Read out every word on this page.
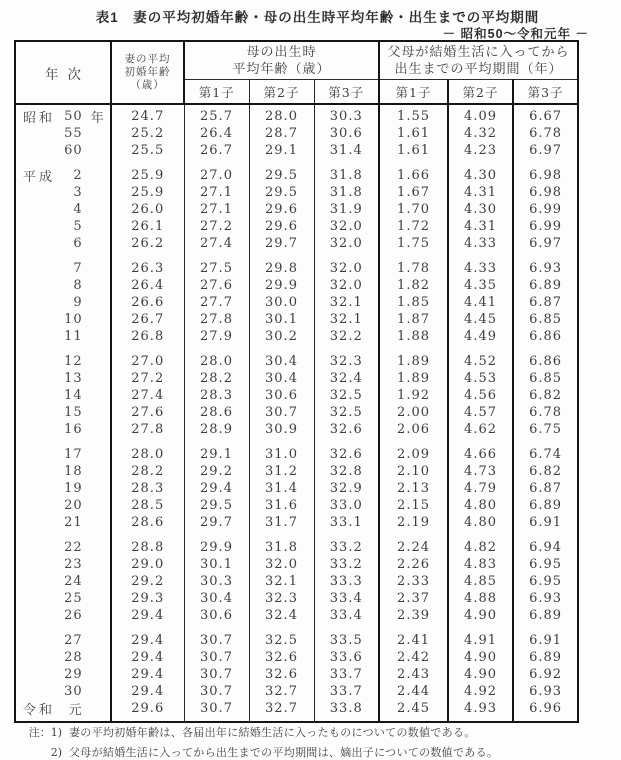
表1　妻の平均初婚年齢・母の出生時平均年齢・出生までの平均期間
－ 昭和50～令和元年 －
年次	妻の平均
初婚年齢
（歳）	母の出生時
平均年齢（歳）			父母が結婚生活に入ってから
出生までの平均期間（年）		
		第1子	第2子	第3子	第1子	第2子	第3子

昭和 50 年	24.7	25.7	28.0	30.3	1.55	4.09	6.67

55	25.2	26.4	28.7	30.6	1.61	4.32	6.78

60	25.5	26.7	29.1	31.4	1.61	4.23	6.97

平成 2	25.9	27.0	29.5	31.8	1.66	4.30	6.98

3	25.9	27.1	29.5	31.8	1.67	4.31	6.98

4	26.0	27.1	29.6	31.9	1.70	4.30	6.99

5	26.1	27.2	29.6	32.0	1.72	4.31	6.99

6	26.2	27.4	29.7	32.0	1.75	4.33	6.97

7	26.3	27.5	29.8	32.0	1.78	4.33	6.93

8	26.4	27.6	29.9	32.0	1.82	4.35	6.89

9	26.6	27.7	30.0	32.1	1.85	4.41	6.87

10	26.7	27.8	30.1	32.1	1.87	4.45	6.85

11	26.8	27.9	30.2	32.2	1.88	4.49	6.86

12	27.0	28.0	30.4	32.3	1.89	4.52	6.86

13	27.2	28.2	30.4	32.4	1.89	4.53	6.85

14	27.4	28.3	30.6	32.5	1.92	4.56	6.82

15	27.6	28.6	30.7	32.5	2.00	4.57	6.78

16	27.8	28.9	30.9	32.6	2.06	4.62	6.75

17	28.0	29.1	31.0	32.6	2.09	4.66	6.74

18	28.2	29.2	31.2	32.8	2.10	4.73	6.82

19	28.3	29.4	31.4	32.9	2.13	4.79	6.87

20	28.5	29.5	31.6	33.0	2.15	4.80	6.89

21	28.6	29.7	31.7	33.1	2.19	4.80	6.91

22	28.8	29.9	31.8	33.2	2.24	4.82	6.94

23	29.0	30.1	32.0	33.2	2.26	4.83	6.95

24	29.2	30.3	32.1	33.3	2.33	4.85	6.95

25	29.3	30.4	32.3	33.4	2.37	4.88	6.93

26	29.4	30.6	32.4	33.4	2.39	4.90	6.89

27	29.4	30.7	32.5	33.5	2.41	4.91	6.91

28	29.4	30.7	32.6	33.6	2.42	4.90	6.89

29	29.4	30.7	32.6	33.7	2.43	4.90	6.92

30	29.4	30.7	32.7	33.7	2.44	4.92	6.93

令和 元	29.6	30.7	32.7	33.8	2.45	4.93	6.96

注：1) 妻の平均初婚年齢は、各届出年に結婚生活に入ったものについての数値である。
2) 父母が結婚生活に入ってから出生までの平均期間は、嫡出子についての数値である。
